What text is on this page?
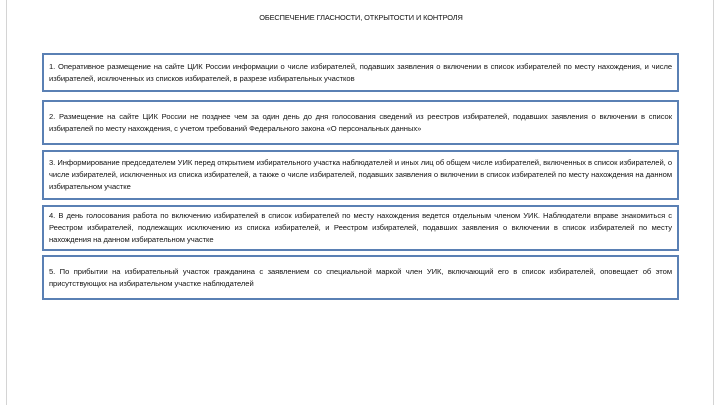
ОБЕСПЕЧЕНИЕ ГЛАСНОСТИ, ОТКРЫТОСТИ И КОНТРОЛЯ
1. Оперативное размещение на сайте ЦИК России информации о числе избирателей, подавших заявления о включении в список избирателей по месту нахождения, и числе избирателей, исключенных из списков избирателей, в разрезе избирательных участков
2. Размещение на сайте ЦИК России не позднее чем за один день до дня голосования сведений из реестров избирателей, подавших заявления о включении в список избирателей по месту нахождения, с учетом требований Федерального закона «О персональных данных»
3. Информирование председателем УИК перед открытием избирательного участка наблюдателей и иных лиц об общем числе избирателей, включенных в список избирателей, о числе избирателей, исключенных из списка избирателей, а также о числе избирателей, подавших заявления о включении в список избирателей по месту нахождения на данном избирательном участке
4. В день голосования работа по включению избирателей в список избирателей по месту нахождения ведется отдельным членом УИК. Наблюдатели вправе знакомиться с Реестром избирателей, подлежащих исключению из списка избирателей, и Реестром избирателей, подавших заявления о включении в список избирателей по месту нахождения на данном избирательном участке
5. По прибытии на избирательный участок гражданина с заявлением со специальной маркой член УИК, включающий его в список избирателей, оповещает об этом присутствующих на избирательном участке наблюдателей
